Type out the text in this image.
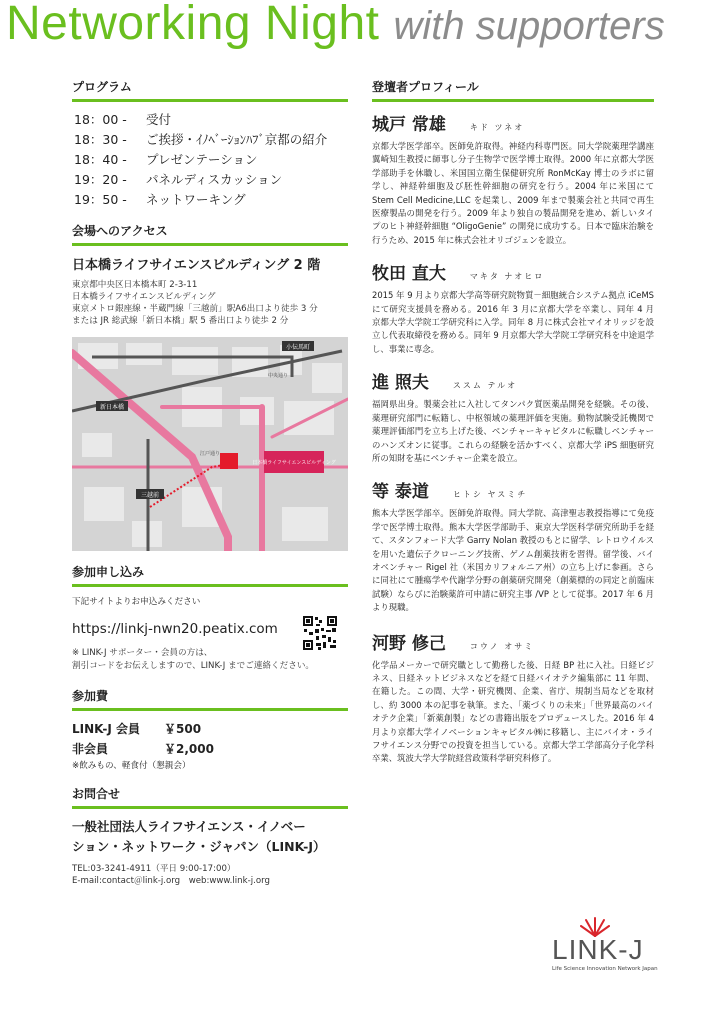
Networking Night with supporters
プログラム
18：00 -	受付
18：30 -	ご挨拶・ｲﾉﾍﾞｰｼｮﾝﾊﾌﾞ京都の紹介
18：40 -	プレゼンテーション
19：20 -	パネルディスカッション
19：50 -	ネットワーキング
会場へのアクセス
日本橋ライフサイエンスビルディング 2 階
東京都中央区日本橋本町 2-3-11
日本橋ライフサイエンスビルディング
東京メトロ銀座線・半蔵門線「三越前」駅A6出口より徒歩 3 分
または JR 総武線「新日本橋」駅 5 番出口より徒歩 2 分
新日本橋
小伝馬町
三越前
日本橋ライフサイエンスビルディング
江戸通り
中央通り
参加申し込み
下記サイトよりお申込みください
https://linkj-nwn20.peatix.com
※ LINK-J サポーター・会員の方は、
割引コードをお伝えしますので、LINK-J までご連絡ください。
参加費
LINK-J 会員	￥500
非会員	￥2,000
※飲みもの、軽食付（懇親会）
お問合せ
一般社団法人ライフサイエンス・イノベー
ション・ネットワーク・ジャパン（LINK-J）
TEL:03-3241-4911（平日 9:00-17:00）
E-mail:contact＠link-j.org　web:www.link-j.org
登壇者プロフィール
城戸 常雄	キド ツネオ
京都大学医学部卒。医師免許取得。神経内科専門医。同大学院薬理学講座翼崎知生教授に師事し分子生物学で医学博士取得。2000 年に京都大学医学部助手を休職し、米国国立衛生保健研究所 RonMcKay 博士のラボに留学し、神経幹細胞及び胚性幹細胞の研究を行う。2004 年に米国にて Stem Cell Medicine,LLC を起業し、2009 年まで製薬会社と共同で再生医療製品の開発を行う。2009 年より独自の製品開発を進め、新しいタイプのヒト神経幹細胞 “OligoGenie” の開発に成功する。日本で臨床治験を行うため、2015 年に株式会社オリゴジェンを設立。
牧田 直大	マキタ ナオヒロ
2015 年 9 月より京都大学高等研究院物質－細胞統合システム拠点 iCeMS にて研究支援員を務める。2016 年 3 月に京都大学を卒業し、同年 4 月　京都大学大学院工学研究科に入学。同年 8 月に株式会社マイオリッジを設立し代表取締役を務める。同年 9 月京都大学大学院工学研究科を中途退学し、事業に専念。
進 照夫	ススム テルオ
福岡県出身。製薬会社に入社してタンパク質医薬品開発を経験。その後、薬理研究部門に転籍し、中枢領域の薬理評価を実施。動物試験受託機関で薬理評価部門を立ち上げた後、ベンチャーキャピタルに転職しベンチャーのハンズオンに従事。これらの経験を活かすべく、京都大学 iPS 細胞研究所の知財を基にベンチャー企業を設立。
等 泰道	ヒトシ ヤスミチ
熊本大学医学部卒。医師免許取得。同大学院、高津聖志教授指導にて免疫学で医学博士取得。熊本大学医学部助手、東京大学医科学研究所助手を経て、スタンフォード大学 Garry Nolan 教授のもとに留学、レトロウイルスを用いた遺伝子クローニング技術、ゲノム創薬技術を習得。留学後、バイオベンチャー Rigel 社（米国カリフォルニア州）の立ち上げに参画。さらに同社にて腫瘍学や代謝学分野の創薬研究開発（創薬標的の同定と前臨床試験）ならびに治験薬許可申請に研究主事 /VP として従事。2017 年 6 月より現職。
河野 修己	コウノ オサミ
化学品メーカーで研究職として勤務した後、日経 BP 社に入社。日経ビジネス、日経ネットビジネスなどを経て日経バイオテク編集部に 11 年間、在籍した。この間、大学・研究機関、企業、省庁、規制当局などを取材し、約 3000 本の記事を執筆。また、「薬づくりの未来」「世界最高のバイオテク企業」「新薬創製」などの書籍出版をプロデュースした。2016 年 4 月より京都大学イノベーションキャピタル㈱に移籍し、主にバイオ・ライフサイエンス分野での投資を担当している。京都大学工学部高分子化学科卒業、筑波大学大学院経営政策科学研究科修了。
LINK-J
Life Science Innovation Network Japan
